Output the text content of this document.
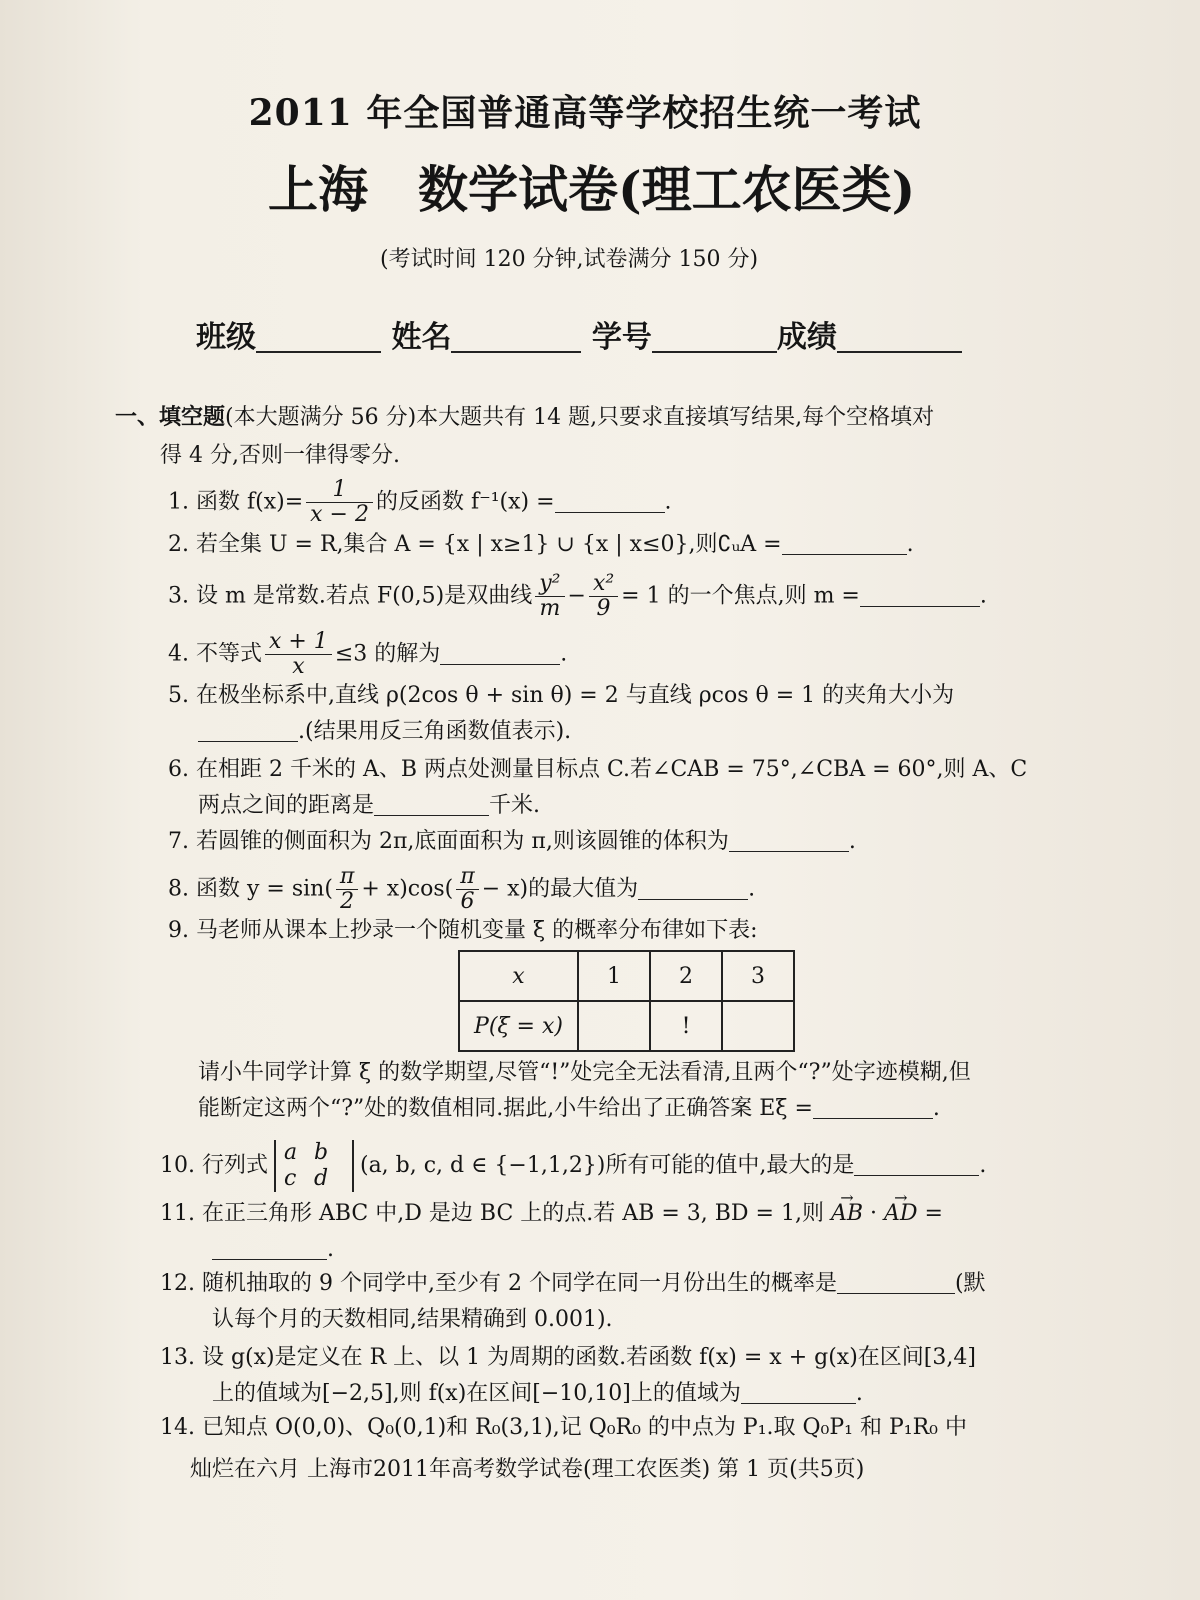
2011 年全国普通高等学校招生统一考试
上海 数学试卷(理工农医类)
(考试时间 120 分钟,试卷满分 150 分)
班级	姓名	学号	成绩
一、填空题(本大题满分 56 分)本大题共有 14 题,只要求直接填写结果,每个空格填对
得 4 分,否则一律得零分.
1. 函数 $f(x)= \frac{1}{x - 2}$ 的反函数 f⁻¹(x) =	.
2. 若全集 U = R,集合 A = {x | x≥1} ∪ {x | x≤0},则∁ᵤA =	.
3. 设 m 是常数.若点 F(0,5)是双曲线 $\frac{\text{y²}}{m} - \frac{\text{x²}}{9} = 1$ 的一个焦点,则 m =	.
4. 不等式 $\frac{x + 1}{x} \le 3$ 的解为	.
5. 在极坐标系中,直线 ρ(2cos θ + sin θ) = 2 与直线 ρcos θ = 1 的夹角大小为
.(结果用反三角函数值表示).
6. 在相距 2 千米的 A、B 两点处测量目标点 C.若∠CAB = 75°,∠CBA = 60°,则 A、C
两点之间的距离是	千米.
7. 若圆锥的侧面积为 2π,底面面积为 π,则该圆锥的体积为	.
8. 函数 $y = \sin( \frac{\pi}{2} + x)\cos( \frac{\pi}{6} - x)$的最大值为	.
9. 马老师从课本上抄录一个随机变量 ξ 的概率分布律如下表:
x	1	2	3
P(ξ = x)		!	
请小牛同学计算 ξ 的数学期望,尽管“!”处完全无法看清,且两个“?”处字迹模糊,但
能断定这两个“?”处的数值相同.据此,小牛给出了正确答案 Eξ =	.
10. 行列式a b
c d(a, b, c, d ∈ {−1,1,2})所有可能的值中,最大的是	.
11. 在正三角形 ABC 中,D 是边 BC 上的点.若 AB = 3, BD = 1,则 → AB · → AD =
.
12. 随机抽取的 9 个同学中,至少有 2 个同学在同一月份出生的概率是	(默
认每个月的天数相同,结果精确到 0.001).
13. 设 g(x)是定义在 R 上、以 1 为周期的函数.若函数 f(x) = x + g(x)在区间[3,4]
上的值域为[−2,5],则 f(x)在区间[−10,10]上的值域为	.
14. 已知点 O(0,0)、Q₀(0,1)和 R₀(3,1),记 Q₀R₀ 的中点为 P₁.取 Q₀P₁ 和 P₁R₀ 中
灿烂在六月 上海市2011年高考数学试卷(理工农医类) 第 1 页(共5页)
